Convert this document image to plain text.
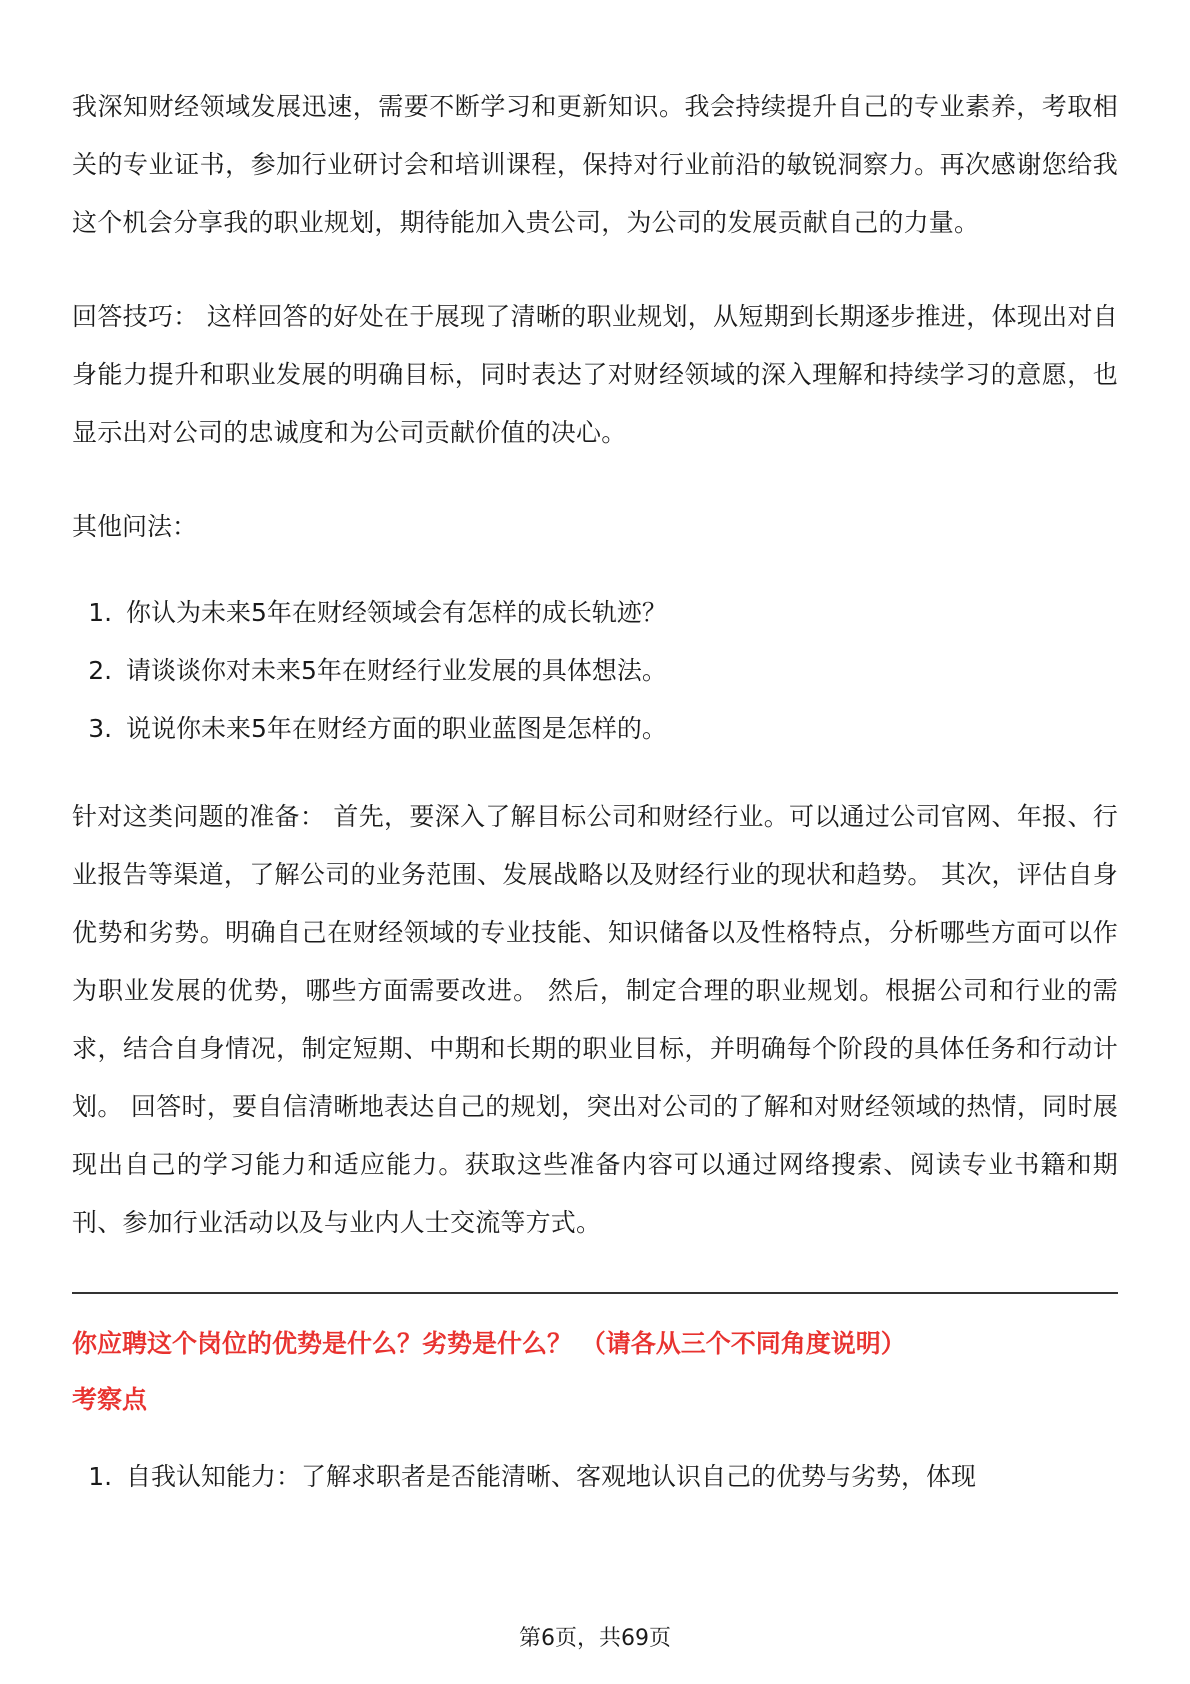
我深知财经领域发展迅速，需要不断学习和更新知识。我会持续提升自己的专业素养，考取相关的专业证书，参加行业研讨会和培训课程，保持对行业前沿的敏锐洞察力。再次感谢您给我这个机会分享我的职业规划，期待能加入贵公司，为公司的发展贡献自己的力量。

回答技巧： 这样回答的好处在于展现了清晰的职业规划，从短期到长期逐步推进，体现出对自身能力提升和职业发展的明确目标，同时表达了对财经领域的深入理解和持续学习的意愿，也显示出对公司的忠诚度和为公司贡献价值的决心。

其他问法：
1. 你认为未来5年在财经领域会有怎样的成长轨迹？
2. 请谈谈你对未来5年在财经行业发展的具体想法。
3. 说说你未来5年在财经方面的职业蓝图是怎样的。

针对这类问题的准备： 首先，要深入了解目标公司和财经行业。可以通过公司官网、年报、行业报告等渠道，了解公司的业务范围、发展战略以及财经行业的现状和趋势。 其次，评估自身优势和劣势。明确自己在财经领域的专业技能、知识储备以及性格特点，分析哪些方面可以作为职业发展的优势，哪些方面需要改进。 然后，制定合理的职业规划。根据公司和行业的需求，结合自身情况，制定短期、中期和长期的职业目标，并明确每个阶段的具体任务和行动计划。 回答时，要自信清晰地表达自己的规划，突出对公司的了解和对财经领域的热情，同时展现出自己的学习能力和适应能力。获取这些准备内容可以通过网络搜索、阅读专业书籍和期刊、参加行业活动以及与业内人士交流等方式。

你应聘这个岗位的优势是什么？劣势是什么？ （请各从三个不同角度说明）
考察点
1. 自我认知能力：了解求职者是否能清晰、客观地认识自己的优势与劣势，体现
第6页，共69页
